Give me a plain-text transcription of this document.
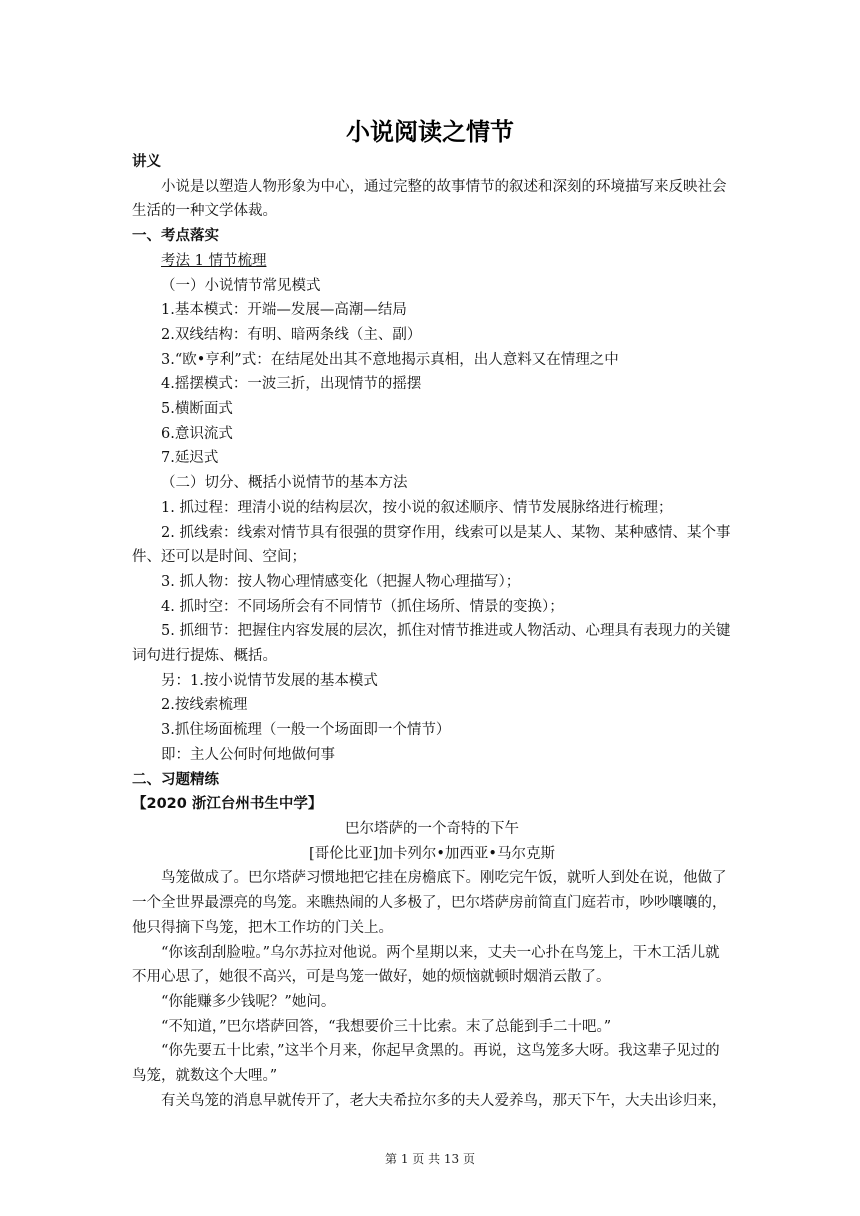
小说阅读之情节

讲义

小说是以塑造人物形象为中心，通过完整的故事情节的叙述和深刻的环境描写来反映社会生活的一种文学体裁。

一、考点落实

考法 1 情节梳理

（一）小说情节常见模式

1.基本模式：开端—发展—高潮—结局

2.双线结构：有明、暗两条线（主、副）

3.“欧•亨利”式：在结尾处出其不意地揭示真相，出人意料又在情理之中

4.摇摆模式：一波三折，出现情节的摇摆

5.横断面式

6.意识流式

7.延迟式

（二）切分、概括小说情节的基本方法

1. 抓过程：理清小说的结构层次，按小说的叙述顺序、情节发展脉络进行梳理；

2. 抓线索：线索对情节具有很强的贯穿作用，线索可以是某人、某物、某种感情、某个事件、还可以是时间、空间；

3. 抓人物：按人物心理情感变化（把握人物心理描写）；

4. 抓时空：不同场所会有不同情节（抓住场所、情景的变换）；

5. 抓细节：把握住内容发展的层次，抓住对情节推进或人物活动、心理具有表现力的关键词句进行提炼、概括。

另：1.按小说情节发展的基本模式

2.按线索梳理

3.抓住场面梳理（一般一个场面即一个情节）

即：主人公何时何地做何事

二、习题精练

【2020 浙江台州书生中学】

巴尔塔萨的一个奇特的下午

[哥伦比亚]加卡列尔•加西亚•马尔克斯

鸟笼做成了。巴尔塔萨习惯地把它挂在房檐底下。刚吃完午饭，就听人到处在说，他做了一个全世界最漂亮的鸟笼。来瞧热闹的人多极了，巴尔塔萨房前简直门庭若市，吵吵嚷嚷的，他只得摘下鸟笼，把木工作坊的门关上。

“你该刮刮脸啦。”乌尔苏拉对他说。两个星期以来，丈夫一心扑在鸟笼上，干木工活儿就不用心思了，她很不高兴，可是鸟笼一做好，她的烦恼就顿时烟消云散了。

“你能赚多少钱呢？”她问。

“不知道，”巴尔塔萨回答，“我想要价三十比索。末了总能到手二十吧。”

“你先要五十比索，”这半个月来，你起早贪黑的。再说，这鸟笼多大呀。我这辈子见过的鸟笼，就数这个大哩。”

有关鸟笼的消息早就传开了，老大夫希拉尔多的夫人爱养鸟，那天下午，大夫出诊归来，

第 1 页 共 13 页
